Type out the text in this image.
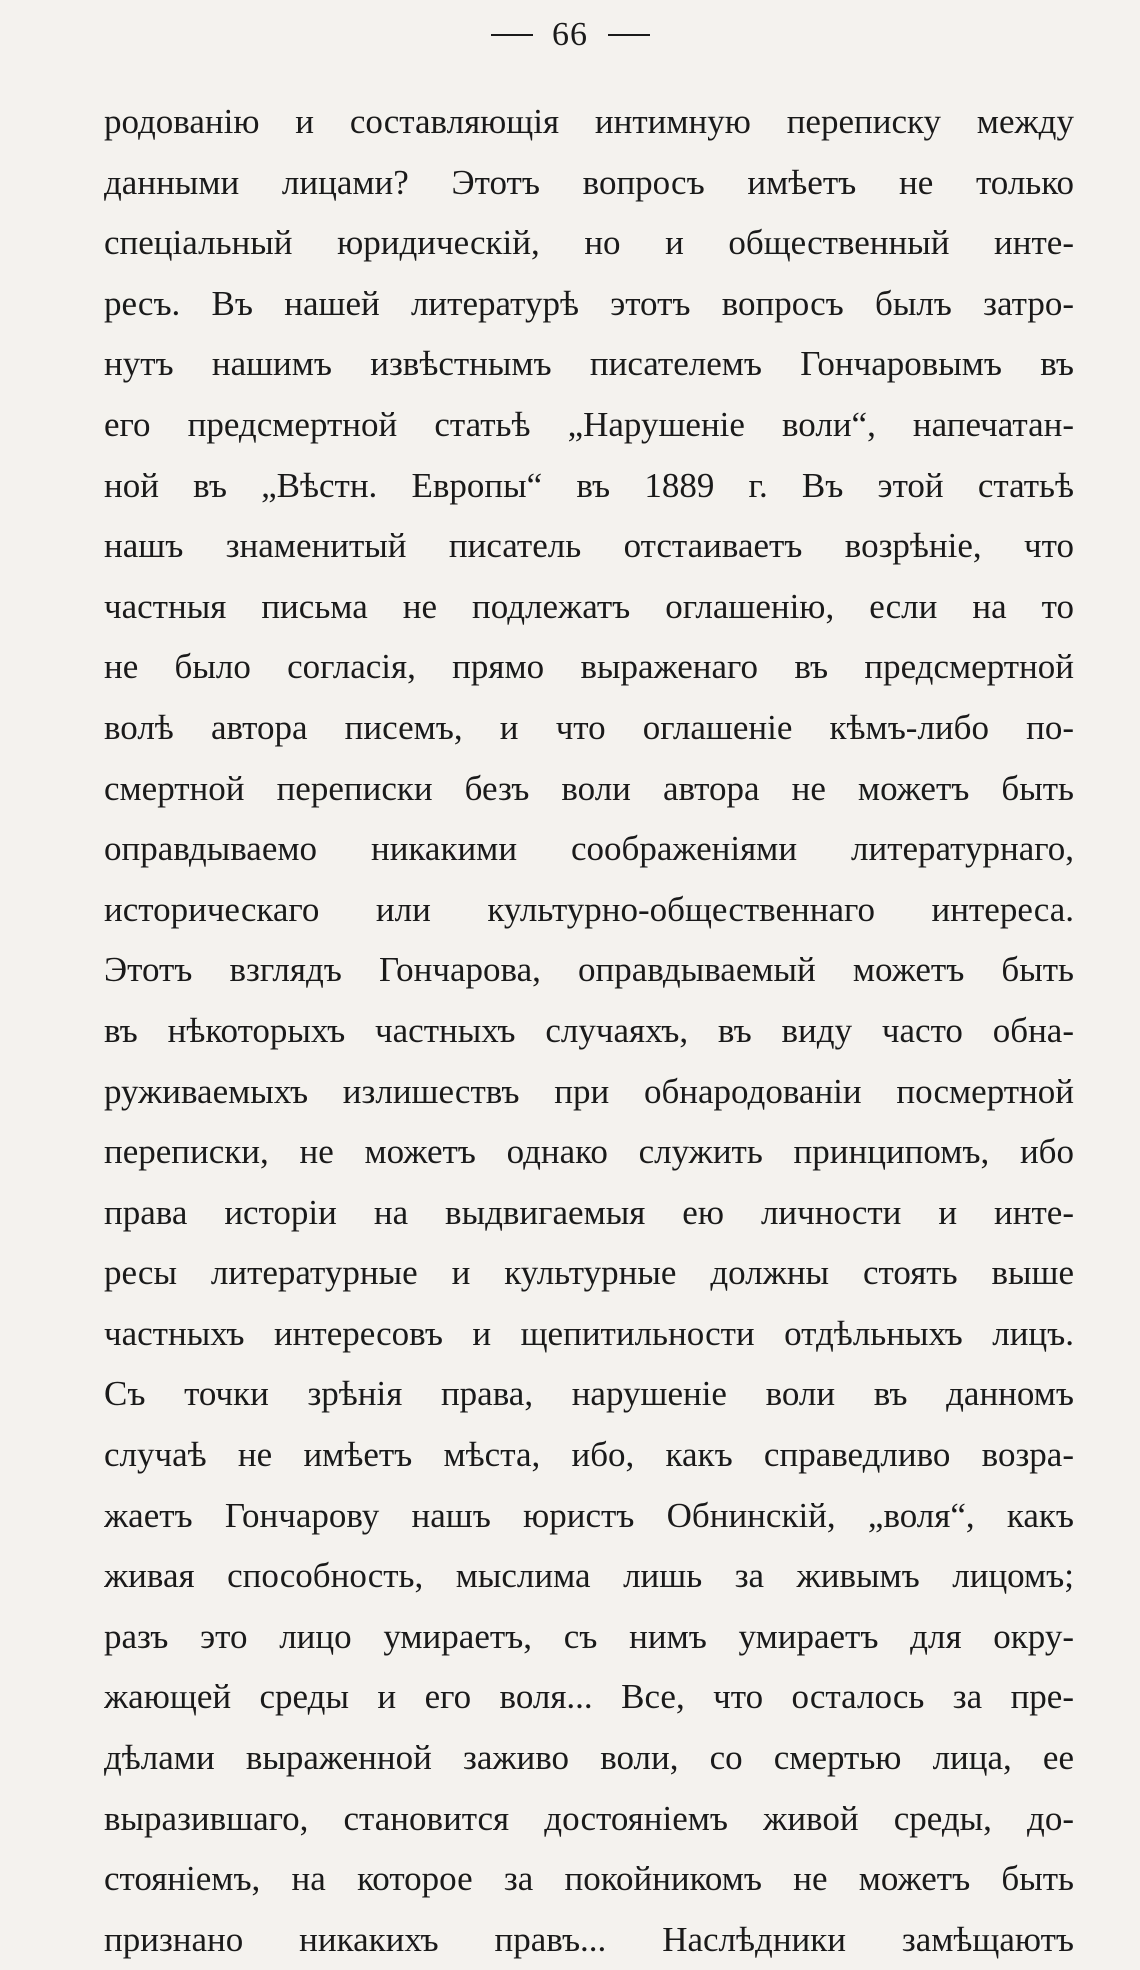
66
родованію и составляющія интимную переписку между
данными лицами? Этотъ вопросъ имѣетъ не только
спеціальный юридическій, но и общественный инте-
ресъ. Въ нашей литературѣ этотъ вопросъ былъ затро-
нутъ нашимъ извѣстнымъ писателемъ Гончаровымъ въ
его предсмертной статьѣ „Нарушеніе воли“, напечатан-
ной въ „Вѣстн. Европы“ въ 1889 г. Въ этой статьѣ
нашъ знаменитый писатель отстаиваетъ возрѣніе, что
частныя письма не подлежатъ оглашенію, если на то
не было согласія, прямо выраженаго въ предсмертной
волѣ автора писемъ, и что оглашеніе кѣмъ-либо по-
смертной переписки безъ воли автора не можетъ быть
оправдываемо никакими соображеніями литературнаго,
историческаго или культурно-общественнаго интереса.
Этотъ взглядъ Гончарова, оправдываемый можетъ быть
въ нѣкоторыхъ частныхъ случаяхъ, въ виду часто обна-
руживаемыхъ излишествъ при обнародованіи посмертной
переписки, не можетъ однако служить принципомъ, ибо
права исторіи на выдвигаемыя ею личности и инте-
ресы литературные и культурные должны стоять выше
частныхъ интересовъ и щепитильности отдѣльныхъ лицъ.
Съ точки зрѣнія права, нарушеніе воли въ данномъ
случаѣ не имѣетъ мѣста, ибо, какъ справедливо возра-
жаетъ Гончарову нашъ юристъ Обнинскій, „воля“, какъ
живая способность, мыслима лишь за живымъ лицомъ;
разъ это лицо умираетъ, съ нимъ умираетъ для окру-
жающей среды и его воля... Все, что осталось за пре-
дѣлами выраженной заживо воли, со смертью лица, ее
выразившаго, становится достояніемъ живой среды, до-
стояніемъ, на которое за покойникомъ не можетъ быть
признано никакихъ правъ... Наслѣдники замѣщаютъ
